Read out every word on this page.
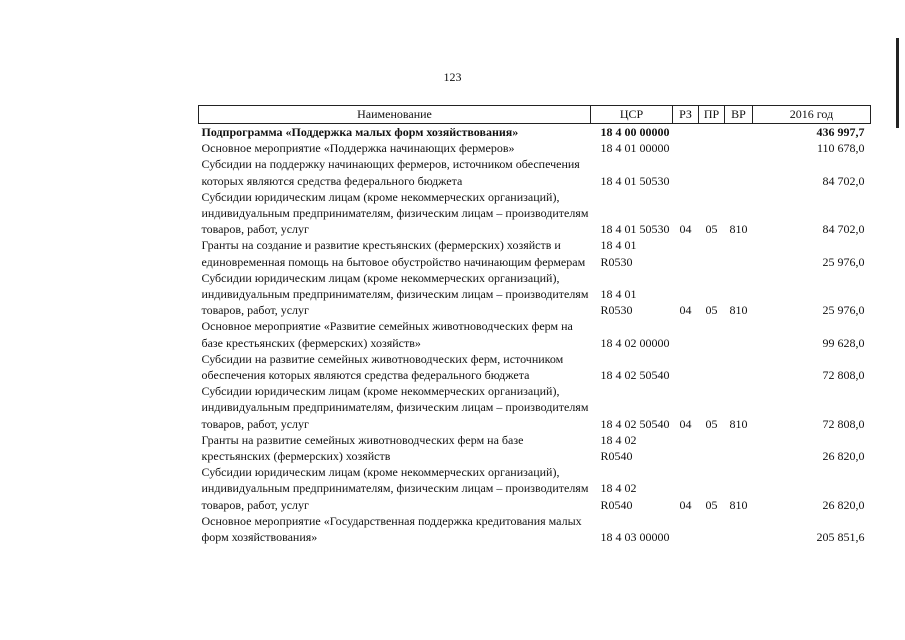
123
Наименование	ЦСР	РЗ	ПР	ВР	2016 год
Подпрограмма «Поддержка малых форм хозяйствования»	18 4 00 00000				436 997,7
Основное мероприятие «Поддержка начинающих фермеров»	18 4 01 00000				110 678,0
Субсидии на поддержку начинающих фермеров, источником обеспечения которых являются средства федерального бюджета	18 4 01 50530				84 702,0
Субсидии юридическим лицам (кроме некоммерческих организаций), индивидуальным предпринимателям, физическим лицам – производителям товаров, работ, услуг	18 4 01 50530	04	05	810	84 702,0
Гранты на создание и развитие крестьянских (фермерских) хозяйств и единовременная помощь на бытовое обустройство начинающим фермерам	18 4 01 R0530				25 976,0
Субсидии юридическим лицам (кроме некоммерческих организаций), индивидуальным предпринимателям, физическим лицам – производителям товаров, работ, услуг	18 4 01 R0530	04	05	810	25 976,0
Основное мероприятие «Развитие семейных животноводческих ферм на базе крестьянских (фермерских) хозяйств»	18 4 02 00000				99 628,0
Субсидии на развитие семейных животноводческих ферм, источником обеспечения которых являются средства федерального бюджета	18 4 02 50540				72 808,0
Субсидии юридическим лицам (кроме некоммерческих организаций), индивидуальным предпринимателям, физическим лицам – производителям товаров, работ, услуг	18 4 02 50540	04	05	810	72 808,0
Гранты на развитие семейных животноводческих ферм на базе крестьянских (фермерских) хозяйств	18 4 02 R0540				26 820,0
Субсидии юридическим лицам (кроме некоммерческих организаций), индивидуальным предпринимателям, физическим лицам – производителям товаров, работ, услуг	18 4 02 R0540	04	05	810	26 820,0
Основное мероприятие «Государственная поддержка кредитования малых форм хозяйствования»	18 4 03 00000				205 851,6
